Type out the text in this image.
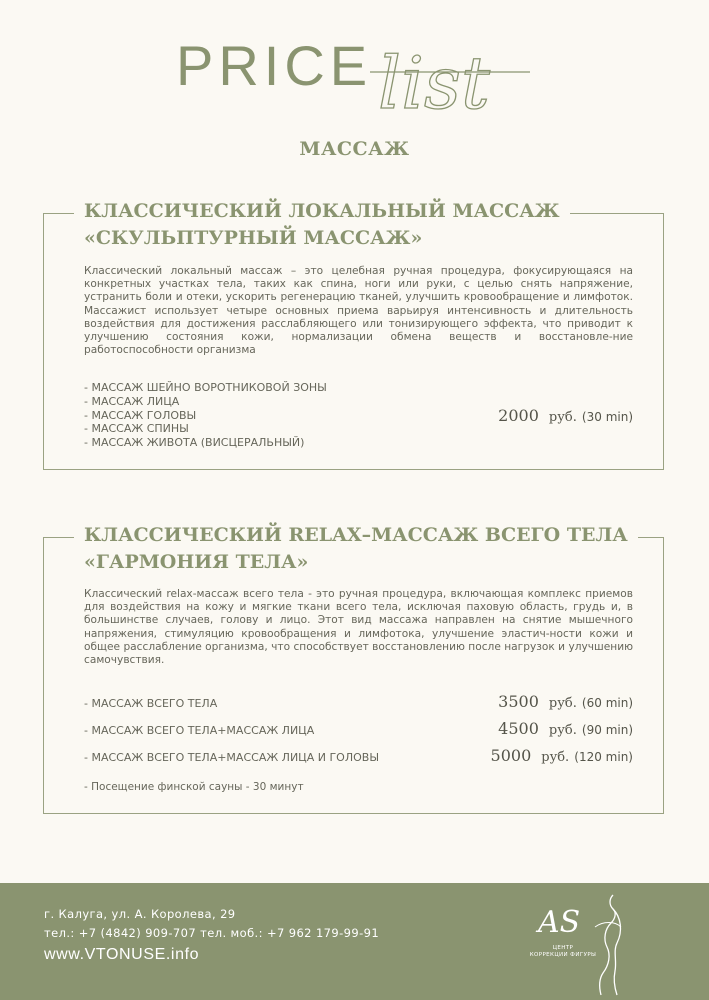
PRICE list
МАССАЖ
КЛАССИЧЕСКИЙ ЛОКАЛЬНЫЙ МАССАЖ
«СКУЛЬПТУРНЫЙ МАССАЖ»
Классический локальный массаж – это целебная ручная процедура, фокусирующаяся на конкретных участках тела, таких как спина, ноги или руки, с целью снять напряжение, устранить боли и отеки, ускорить регенерацию тканей, улучшить кровообращение и лимфоток. Массажист использует четыре основных приема варьируя интенсивность и длительность воздействия для достижения расслабляющего или тонизирующего эффекта, что приводит к улучшению состояния кожи, нормализации обмена веществ и восстановле-ние работоспособности организма
- МАССАЖ ШЕЙНО ВОРОТНИКОВОЙ ЗОНЫ
- МАССАЖ ЛИЦА
- МАССАЖ ГОЛОВЫ
- МАССАЖ СПИНЫ
- МАССАЖ ЖИВОТА (ВИСЦЕРАЛЬНЫЙ)
2000 руб. (30 min)
КЛАССИЧЕСКИЙ RELAX–МАССАЖ ВСЕГО ТЕЛА
«ГАРМОНИЯ ТЕЛА»
Классический relax-массаж всего тела - это ручная процедура, включающая комплекс приемов для воздействия на кожу и мягкие ткани всего тела, исключая паховую область, грудь и, в большинстве случаев, голову и лицо. Этот вид массажа направлен на снятие мышечного напряжения, стимуляцию кровообращения и лимфотока, улучшение эластич-ности кожи и общее расслабление организма, что способствует восстановлению после нагрузок и улучшению самочувствия.
- МАССАЖ ВСЕГО ТЕЛА	3500 руб. (60 min)
- МАССАЖ ВСЕГО ТЕЛА+МАССАЖ ЛИЦА	4500 руб. (90 min)
- МАССАЖ ВСЕГО ТЕЛА+МАССАЖ ЛИЦА И ГОЛОВЫ	5000 руб. (120 min)
- Посещение финской сауны - 30 минут
г. Калуга, ул. А. Королева, 29
тел.: +7 (4842) 909-707 тел. моб.: +7 962 179-99-91
www.VTONUSE.info
AS
ЦЕНТР
КОРРЕКЦИИ ФИГУРЫ
